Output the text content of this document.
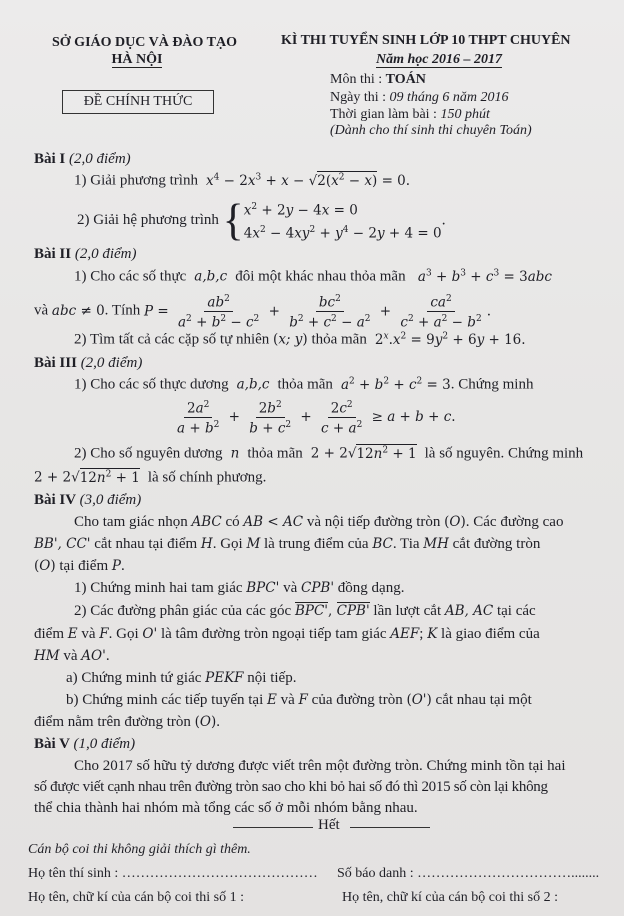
SỞ GIÁO DỤC VÀ ĐÀO TẠO
HÀ NỘI
KÌ THI TUYỂN SINH LỚP 10 THPT CHUYÊN
Năm học 2016 – 2017
ĐỀ CHÍNH THỨC
Môn thi : TOÁN
Ngày thi : 09 tháng 6 năm 2016
Thời gian làm bài : 150 phút
(Dành cho thí sinh thi chuyên Toán)
Bài I (2,0 điểm)
1) Giải phương trình $x^4 - 2x^3 + x - √2(x^2 - x) = 0$.
2) Giải hệ phương trình { $x^2 + 2y - 4x = 0$
$4x^2 - 4xy^2 + y^4 - 2y + 4 = 0$
.
Bài II (2,0 điểm)
1) Cho các số thực  a,b,c  đôi một khác nhau thỏa mãn $a^3 + b^3 + c^3 = 3abc$
và abc ≠ 0. Tính $P = \frac{ab^2}{a^2 + b^2 - c^2} + \frac{bc^2}{b^2 + c^2 - a^2} + \frac{ca^2}{c^2 + a^2 - b^2}$ .
2) Tìm tất cả các cặp số tự nhiên (x; y) thỏa mãn  $2^x.x^2 = 9y^2 + 6y + 16$.
Bài III (2,0 điểm)
1) Cho các số thực dương  a,b,c  thỏa mãn $a^2 + b^2 + c^2 = 3$. Chứng minh
$\frac{2a^2}{a + b^2} + \frac{2b^2}{b + c^2} + \frac{2c^2}{c + a^2} \ge a + b + c$.
2) Cho số nguyên dương  n  thỏa mãn  $2 + 2√12n^2 + 1$ là số nguyên. Chứng minh
$2 + 2√12n^2 + 1$ là số chính phương.
Bài IV (3,0 điểm)
Cho tam giác nhọn ABC có AB < AC và nội tiếp đường tròn (O). Các đường cao
BB', CC' cắt nhau tại điểm H. Gọi M là trung điểm của BC. Tia MH cắt đường tròn
(O) tại điểm P.
1) Chứng minh hai tam giác BPC' và CPB' đồng dạng.
2) Các đường phân giác của các góc BPC', CPB' lần lượt cắt AB, AC tại các
điểm E và F. Gọi O' là tâm đường tròn ngoại tiếp tam giác AEF; K là giao điểm của
HM và AO'.
a) Chứng minh tứ giác PEKF nội tiếp.
b) Chứng minh các tiếp tuyến tại E và F của đường tròn (O') cắt nhau tại một
điểm nằm trên đường tròn (O).
Bài V (1,0 điểm)
Cho 2017 số hữu tỷ dương được viết trên một đường tròn. Chứng minh tồn tại hai
số được viết cạnh nhau trên đường tròn sao cho khi bỏ hai số đó thì 2015 số còn lại không
thể chia thành hai nhóm mà tổng các số ở mỗi nhóm bằng nhau.
Hết
Cán bộ coi thi không giải thích gì thêm.
Họ tên thí sinh : …………………………………… Số báo danh : ……………………………........
Họ tên, chữ kí của cán bộ coi thi số 1 :	Họ tên, chữ kí của cán bộ coi thi số 2 :
